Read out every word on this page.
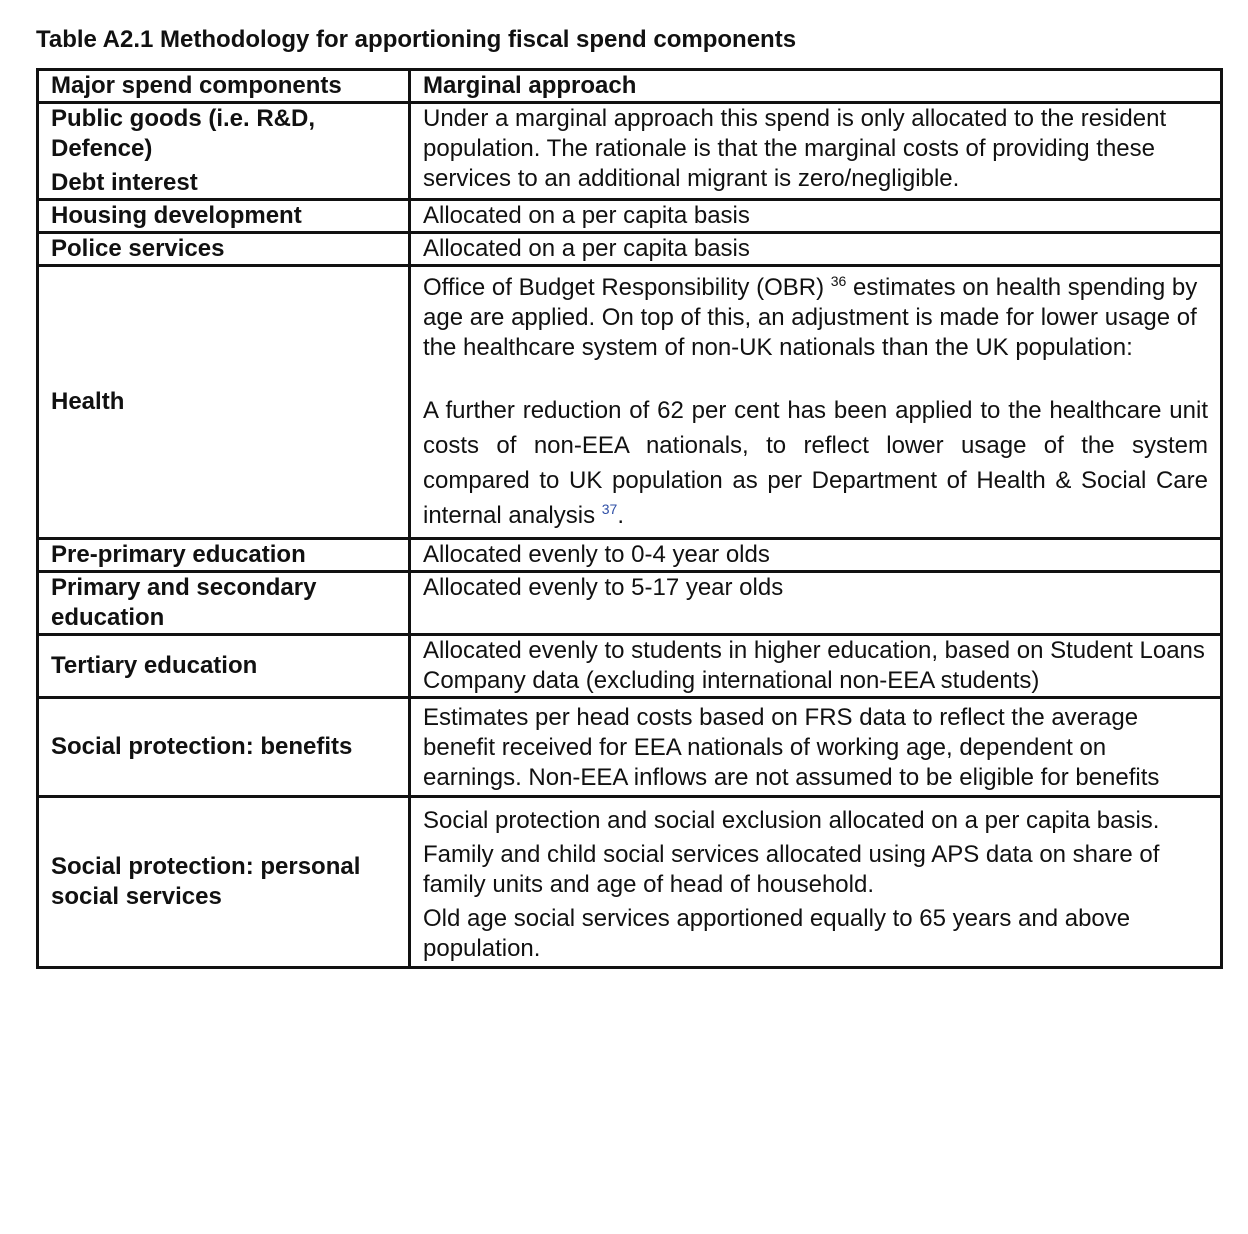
Table A2.1 Methodology for apportioning fiscal spend components
Major spend components	Marginal approach

Public goods (i.e. R&D, Defence)
Debt interest	Under a marginal approach this spend is only allocated to the resident population. The rationale is that the marginal costs of providing these services to an additional migrant is zero/negligible.
Housing development	Allocated on a per capita basis
Police services	Allocated on a per capita basis
Health	Office of Budget Responsibility (OBR) $^{36}$ estimates on health spending by age are applied. On top of this, an adjustment is made for lower usage of the healthcare system of non-UK nationals than the UK population:
A further reduction of 62 per cent has been applied to the healthcare unit costs of non-EEA nationals, to reflect lower usage of the system compared to UK population as per Department of Health & Social Care internal analysis $^{37}$.

Pre-primary education	Allocated evenly to 0-4 year olds
Primary and secondary education	Allocated evenly to 5-17 year olds
Tertiary education	Allocated evenly to students in higher education, based on Student Loans Company data (excluding international non-EEA students)
Social protection: benefits	Estimates per head costs based on FRS data to reflect the average benefit received for EEA nationals of working age, dependent on earnings. Non-EEA inflows are not assumed to be eligible for benefits
Social protection: personal social services	Social protection and social exclusion allocated on a per capita basis.
Family and child social services allocated using APS data on share of family units and age of head of household.
Old age social services apportioned equally to 65 years and above population.
